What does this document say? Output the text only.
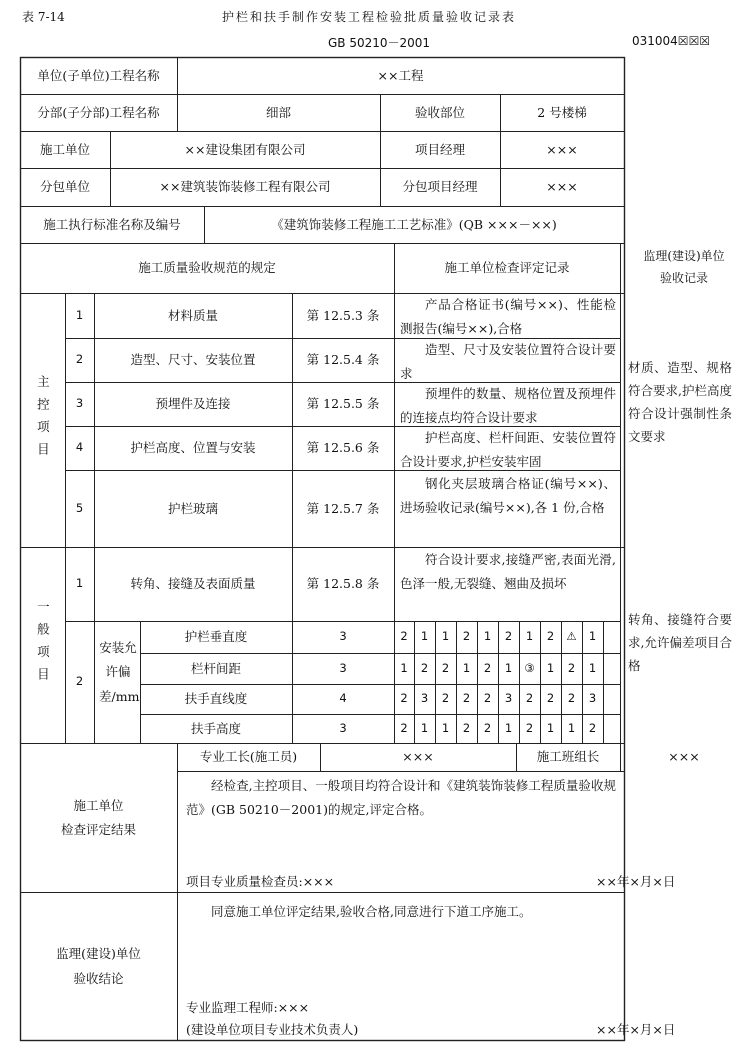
表 7-14	护栏和扶手制作安装工程检验批质量验收记录表
GB 50210－2001	031004☒☒☒
单位(子单位)工程名称	××工程
分部(子分部)工程名称	细部	验收部位	2 号楼梯
施工单位	××建设集团有限公司	项目经理	×××
分包单位	××建筑装饰装修工程有限公司	分包项目经理	×××
施工执行标准名称及编号	《建筑饰装修工程施工工艺标准》(QB ×××－××)
施工质量验收规范的规定	施工单位检查评定记录
监理(建设)单位
验收记录
主控项目
1	材料质量	第 12.5.3 条
产品合格证书(编号××)、性能检测报告(编号××),合格
2	造型、尺寸、安装位置	第 12.5.4 条
造型、尺寸及安装位置符合设计要求
3	预埋件及连接	第 12.5.5 条
预埋件的数量、规格位置及预埋件的连接点均符合设计要求
4	护栏高度、位置与安装	第 12.5.6 条
护栏高度、栏杆间距、安装位置符合设计要求,护栏安装牢固
5	护栏玻璃	第 12.5.7 条
钢化夹层玻璃合格证(编号××)、进场验收记录(编号××),各 1 份,合格
材质、造型、规格符合要求,护栏高度符合设计强制性条文要求
一般项目
1	转角、接缝及表面质量	第 12.5.8 条
符合设计要求,接缝严密,表面光滑,色泽一般,无裂缝、翘曲及损坏
2
安装允许偏差/mm
护栏垂直度	3	2	1	1	2	1	2	1	2	⚠	1
栏杆间距	3	1	2	2	1	2	1	③	1	2	1
扶手直线度	4	2	3	2	2	2	3	2	2	2	3
扶手高度	3	2	1	1	2	2	1	2	1	1	2
转角、接缝符合要求,允许偏差项目合格
专业工长(施工员)	×××	施工班组长	×××
施工单位
检查评定结果
经检查,主控项目、一般项目均符合设计和《建筑装饰装修工程质量验收规范》(GB 50210－2001)的规定,评定合格。
项目专业质量检查员:×××	××年×月×日
监理(建设)单位
验收结论
同意施工单位评定结果,验收合格,同意进行下道工序施工。
专业监理工程师:×××
(建设单位项目专业技术负责人)	××年×月×日
